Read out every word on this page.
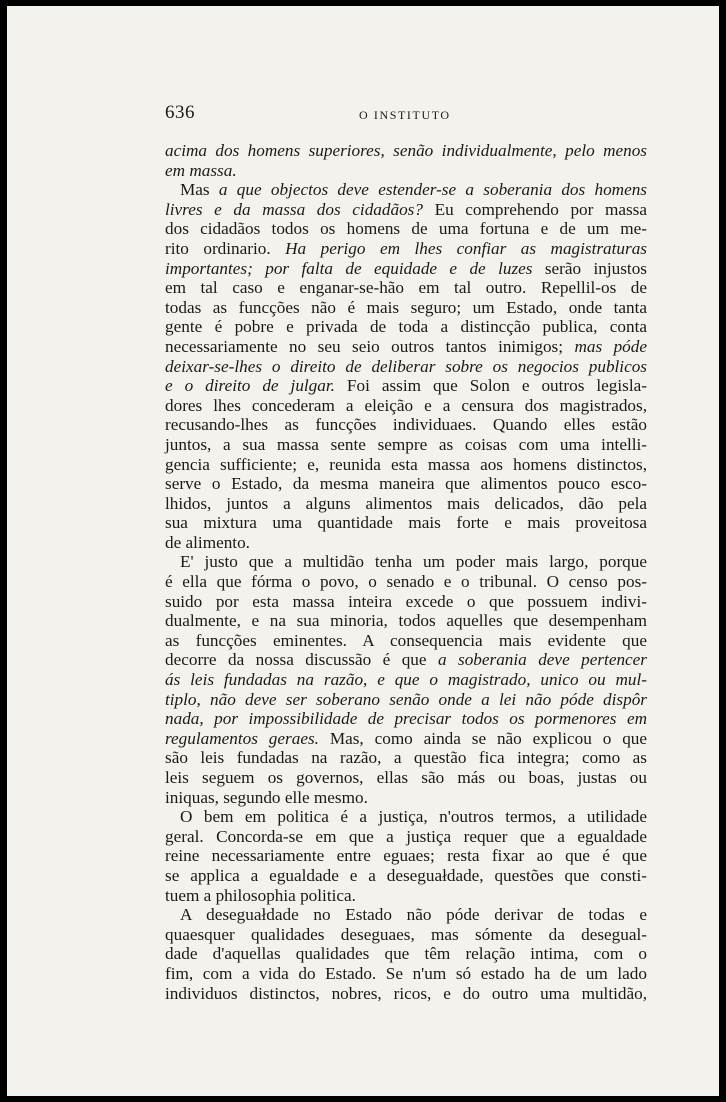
636	O INSTITUTO
acima dos homens superiores, senão individualmente, pelo menos
em massa.
Mas a que objectos deve estender-se a soberania dos homens
livres e da massa dos cidadãos? Eu comprehendo por massa
dos cidadãos todos os homens de uma fortuna e de um me-
rito ordinario. Ha perigo em lhes confiar as magistraturas
importantes; por falta de equidade e de luzes serão injustos
em tal caso e enganar-se-hão em tal outro. Repellil-os de
todas as funcções não é mais seguro; um Estado, onde tanta
gente é pobre e privada de toda a distincção publica, conta
necessariamente no seu seio outros tantos inimigos; mas póde
deixar-se-lhes o direito de deliberar sobre os negocios publicos
e o direito de julgar. Foi assim que Solon e outros legisla-
dores lhes concederam a eleição e a censura dos magistrados,
recusando-lhes as funcções individuaes. Quando elles estão
juntos, a sua massa sente sempre as coisas com uma intelli-
gencia sufficiente; e, reunida esta massa aos homens distinctos,
serve o Estado, da mesma maneira que alimentos pouco esco-
lhidos, juntos a alguns alimentos mais delicados, dão pela
sua mixtura uma quantidade mais forte e mais proveitosa
de alimento.
E' justo que a multidão tenha um poder mais largo, porque
é ella que fórma o povo, o senado e o tribunal. O censo pos-
suido por esta massa inteira excede o que possuem indivi-
dualmente, e na sua minoria, todos aquelles que desempenham
as funcções eminentes. A consequencia mais evidente que
decorre da nossa discussão é que a soberania deve pertencer
ás leis fundadas na razão, e que o magistrado, unico ou mul-
tiplo, não deve ser soberano senão onde a lei não póde dispôr
nada, por impossibilidade de precisar todos os pormenores em
regulamentos geraes. Mas, como ainda se não explicou o que
são leis fundadas na razão, a questão fica integra; como as
leis seguem os governos, ellas são más ou boas, justas ou
iniquas, segundo elle mesmo.
O bem em politica é a justiça, n'outros termos, a utilidade
geral. Concorda-se em que a justiça requer que a egualdade
reine necessariamente entre eguaes; resta fixar ao que é que
se applica a egualdade e a deseguałdade, questões que consti-
tuem a philosophia politica.
A deseguałdade no Estado não póde derivar de todas e
quaesquer qualidades deseguaes, mas sómente da desegual-
dade d'aquellas qualidades que têm relação intima, com o
fim, com a vida do Estado. Se n'um só estado ha de um lado
individuos distinctos, nobres, ricos, e do outro uma multidão,
